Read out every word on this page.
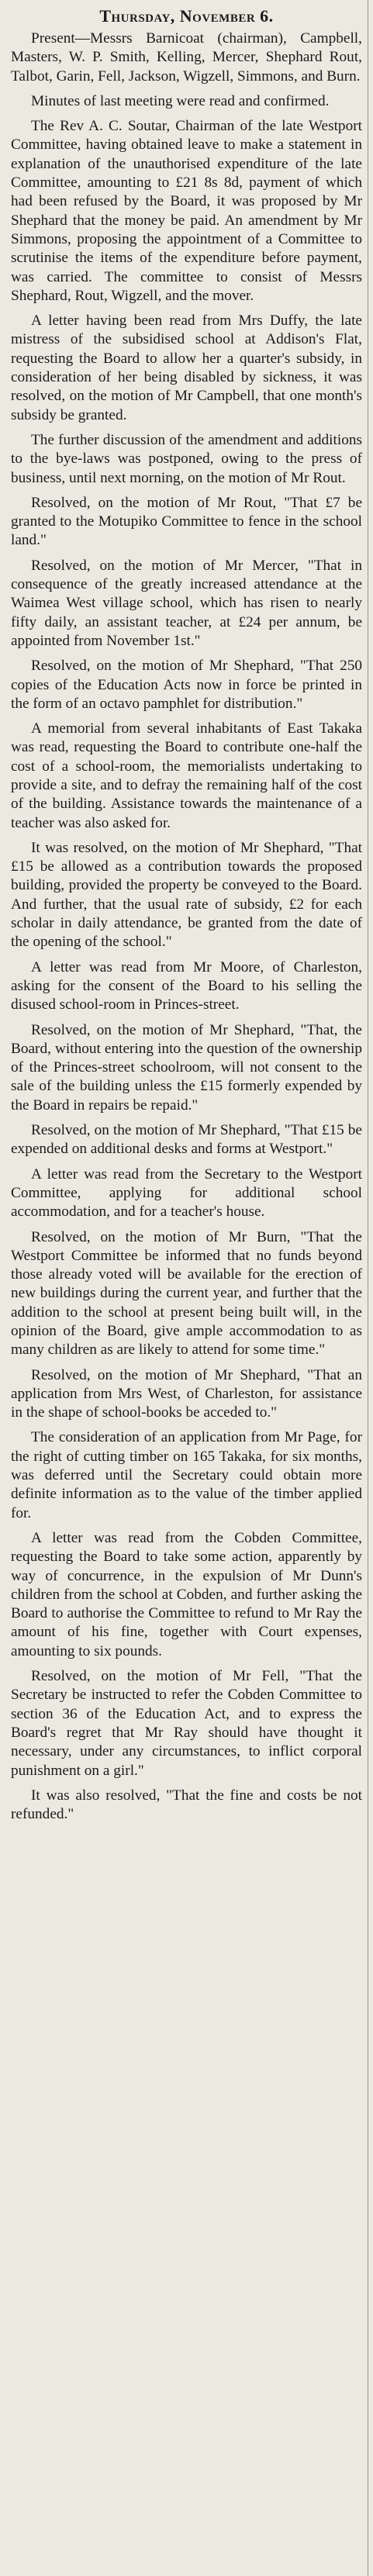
Thursday, November 6.

Present—Messrs Barnicoat (chairman), Campbell, Masters, W. P. Smith, Kelling, Mercer, Shephard Rout, Talbot, Garin, Fell, Jackson, Wigzell, Simmons, and Burn.

Minutes of last meeting were read and confirmed.

The Rev A. C. Soutar, Chairman of the late Westport Committee, having obtained leave to make a statement in explanation of the unauthorised expenditure of the late Committee, amounting to £21 8s 8d, payment of which had been refused by the Board, it was proposed by Mr Shephard that the money be paid. An amendment by Mr Simmons, proposing the appointment of a Committee to scrutinise the items of the expenditure before payment, was carried. The committee to consist of Messrs Shephard, Rout, Wigzell, and the mover.

A letter having been read from Mrs Duffy, the late mistress of the subsidised school at Addison's Flat, requesting the Board to allow her a quarter's subsidy, in consideration of her being disabled by sickness, it was resolved, on the motion of Mr Campbell, that one month's subsidy be granted.

The further discussion of the amendment and additions to the bye-laws was postponed, owing to the press of business, until next morning, on the motion of Mr Rout.

Resolved, on the motion of Mr Rout, "That £7 be granted to the Motupiko Committee to fence in the school land."

Resolved, on the motion of Mr Mercer, "That in consequence of the greatly increased attendance at the Waimea West village school, which has risen to nearly fifty daily, an assistant teacher, at £24 per annum, be appointed from November 1st."

Resolved, on the motion of Mr Shephard, "That 250 copies of the Education Acts now in force be printed in the form of an octavo pamphlet for distribution."

A memorial from several inhabitants of East Takaka was read, requesting the Board to contribute one-half the cost of a school-room, the memorialists undertaking to provide a site, and to defray the remaining half of the cost of the building. Assistance towards the maintenance of a teacher was also asked for.

It was resolved, on the motion of Mr Shephard, "That £15 be allowed as a contribution towards the proposed building, provided the property be conveyed to the Board. And further, that the usual rate of subsidy, £2 for each scholar in daily attendance, be granted from the date of the opening of the school."

A letter was read from Mr Moore, of Charleston, asking for the consent of the Board to his selling the disused school-room in Princes-street.

Resolved, on the motion of Mr Shephard, "That, the Board, without entering into the question of the ownership of the Princes-street schoolroom, will not consent to the sale of the building unless the £15 formerly expended by the Board in repairs be repaid."

Resolved, on the motion of Mr Shephard, "That £15 be expended on additional desks and forms at Westport."

A letter was read from the Secretary to the Westport Committee, applying for additional school accommodation, and for a teacher's house.

Resolved, on the motion of Mr Burn, "That the Westport Committee be informed that no funds beyond those already voted will be available for the erection of new buildings during the current year, and further that the addition to the school at present being built will, in the opinion of the Board, give ample accommodation to as many children as are likely to attend for some time."

Resolved, on the motion of Mr Shephard, "That an application from Mrs West, of Charleston, for assistance in the shape of school-books be acceded to."

The consideration of an application from Mr Page, for the right of cutting timber on 165 Takaka, for six months, was deferred until the Secretary could obtain more definite information as to the value of the timber applied for.

A letter was read from the Cobden Committee, requesting the Board to take some action, apparently by way of concurrence, in the expulsion of Mr Dunn's children from the school at Cobden, and further asking the Board to authorise the Committee to refund to Mr Ray the amount of his fine, together with Court expenses, amounting to six pounds.

Resolved, on the motion of Mr Fell, "That the Secretary be instructed to refer the Cobden Committee to section 36 of the Education Act, and to express the Board's regret that Mr Ray should have thought it necessary, under any circumstances, to inflict corporal punishment on a girl."

It was also resolved, "That the fine and costs be not refunded."
